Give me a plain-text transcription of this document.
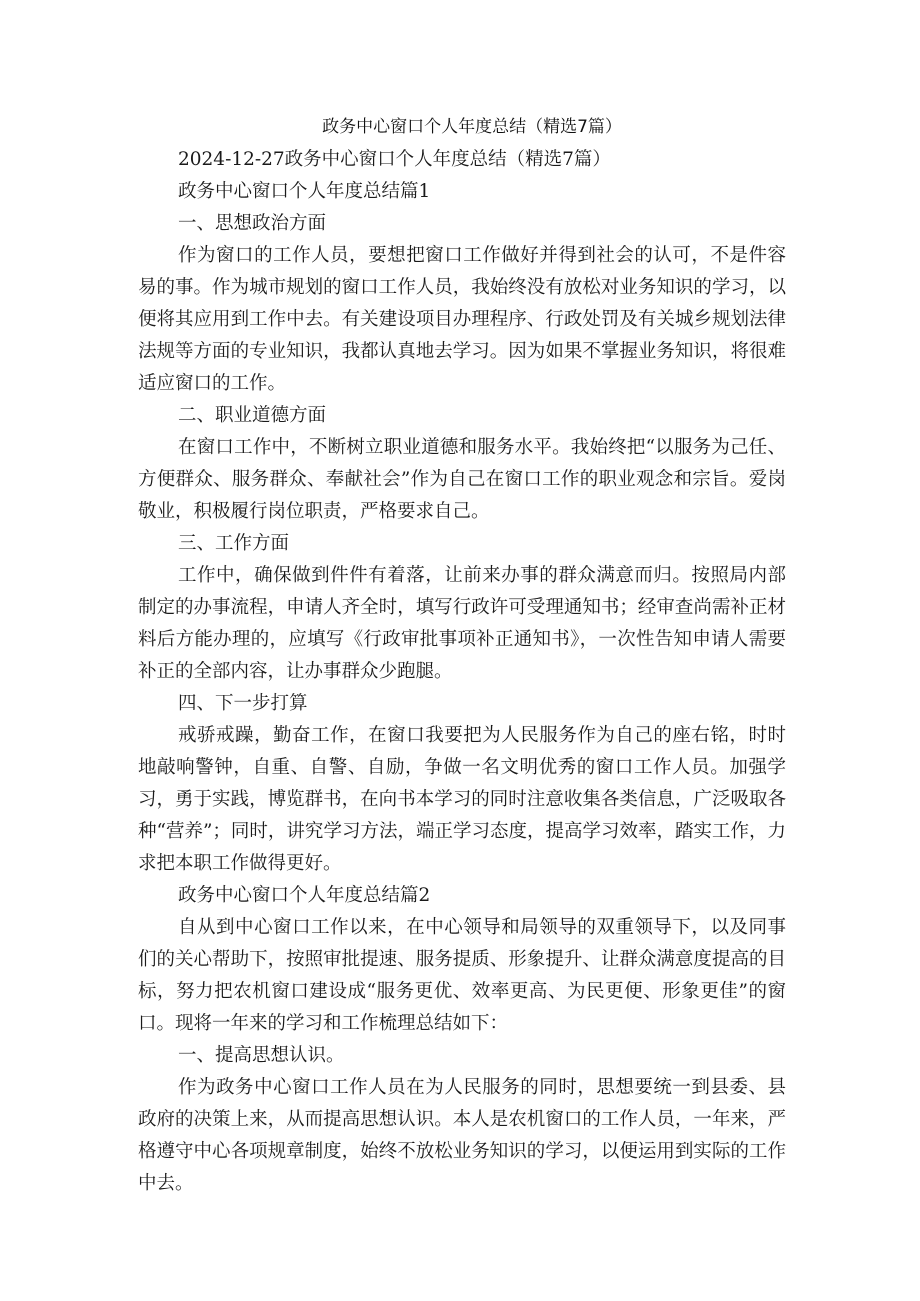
政务中心窗口个人年度总结（精选7篇）

2024-12-27政务中心窗口个人年度总结（精选7篇）

政务中心窗口个人年度总结篇1

一、思想政治方面

作为窗口的工作人员，要想把窗口工作做好并得到社会的认可，不是件容易的事。作为城市规划的窗口工作人员，我始终没有放松对业务知识的学习，以便将其应用到工作中去。有关建设项目办理程序、行政处罚及有关城乡规划法律法规等方面的专业知识，我都认真地去学习。因为如果不掌握业务知识，将很难适应窗口的工作。

二、职业道德方面

在窗口工作中，不断树立职业道德和服务水平。我始终把“以服务为己任、方便群众、服务群众、奉献社会”作为自己在窗口工作的职业观念和宗旨。爱岗敬业，积极履行岗位职责，严格要求自己。

三、工作方面

工作中，确保做到件件有着落，让前来办事的群众满意而归。按照局内部制定的办事流程，申请人齐全时，填写行政许可受理通知书；经审查尚需补正材料后方能办理的，应填写《行政审批事项补正通知书》，一次性告知申请人需要补正的全部内容，让办事群众少跑腿。

四、下一步打算

戒骄戒躁，勤奋工作，在窗口我要把为人民服务作为自己的座右铭，时时地敲响警钟，自重、自警、自励，争做一名文明优秀的窗口工作人员。加强学习，勇于实践，博览群书，在向书本学习的同时注意收集各类信息，广泛吸取各种“营养”；同时，讲究学习方法，端正学习态度，提高学习效率，踏实工作，力求把本职工作做得更好。

政务中心窗口个人年度总结篇2

自从到中心窗口工作以来，在中心领导和局领导的双重领导下，以及同事们的关心帮助下，按照审批提速、服务提质、形象提升、让群众满意度提高的目标，努力把农机窗口建设成“服务更优、效率更高、为民更便、形象更佳”的窗口。现将一年来的学习和工作梳理总结如下：

一、提高思想认识。

作为政务中心窗口工作人员在为人民服务的同时，思想要统一到县委、县政府的决策上来，从而提高思想认识。本人是农机窗口的工作人员，一年来，严格遵守中心各项规章制度，始终不放松业务知识的学习，以便运用到实际的工作中去。
